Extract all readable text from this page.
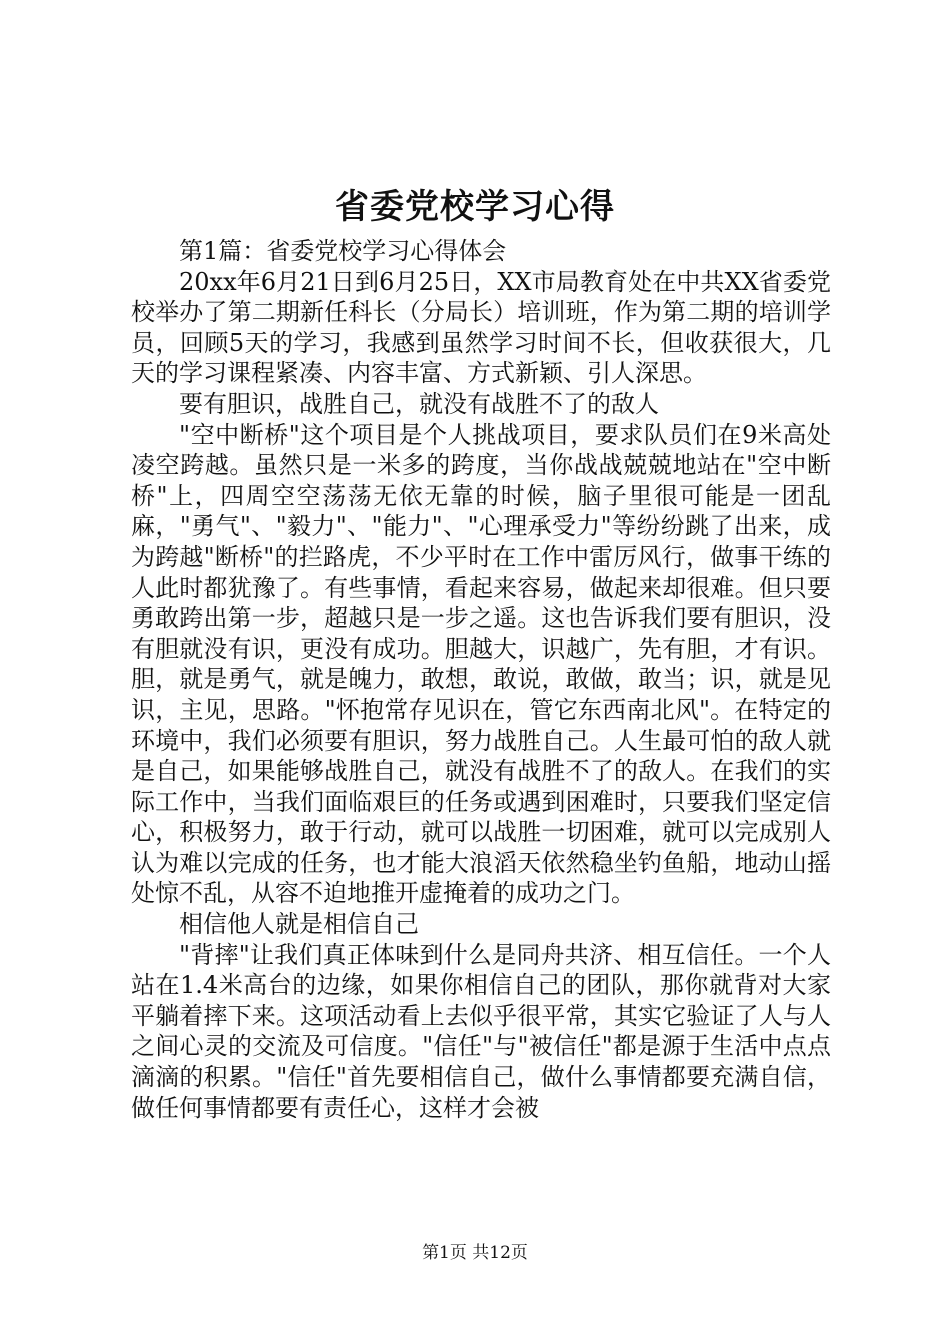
省委党校学习心得

第1篇：省委党校学习心得体会

20xx年6月21日到6月25日，XX市局教育处在中共XX省委党校举办了第二期新任科长（分局长）培训班，作为第二期的培训学员，回顾5天的学习，我感到虽然学习时间不长，但收获很大，几天的学习课程紧凑、内容丰富、方式新颖、引人深思。

要有胆识，战胜自己，就没有战胜不了的敌人

"空中断桥"这个项目是个人挑战项目，要求队员们在9米高处凌空跨越。虽然只是一米多的跨度，当你战战兢兢地站在"空中断桥"上，四周空空荡荡无依无靠的时候，脑子里很可能是一团乱麻，"勇气"、"毅力"、"能力"、"心理承受力"等纷纷跳了出来，成为跨越"断桥"的拦路虎，不少平时在工作中雷厉风行，做事干练的人此时都犹豫了。有些事情，看起来容易，做起来却很难。但只要勇敢跨出第一步，超越只是一步之遥。这也告诉我们要有胆识，没有胆就没有识，更没有成功。胆越大，识越广，先有胆，才有识。胆，就是勇气，就是魄力，敢想，敢说，敢做，敢当；识，就是见识，主见，思路。"怀抱常存见识在，管它东西南北风"。在特定的环境中，我们必须要有胆识，努力战胜自己。人生最可怕的敌人就是自己，如果能够战胜自己，就没有战胜不了的敌人。在我们的实际工作中，当我们面临艰巨的任务或遇到困难时，只要我们坚定信心，积极努力，敢于行动，就可以战胜一切困难，就可以完成别人认为难以完成的任务，也才能大浪滔天依然稳坐钓鱼船，地动山摇处惊不乱，从容不迫地推开虚掩着的成功之门。

相信他人就是相信自己

"背摔"让我们真正体味到什么是同舟共济、相互信任。一个人站在1.4米高台的边缘，如果你相信自己的团队，那你就背对大家平躺着摔下来。这项活动看上去似乎很平常，其实它验证了人与人之间心灵的交流及可信度。"信任"与"被信任"都是源于生活中点点滴滴的积累。"信任"首先要相信自己，做什么事情都要充满自信，做任何事情都要有责任心，这样才会被

第1页 共12页
